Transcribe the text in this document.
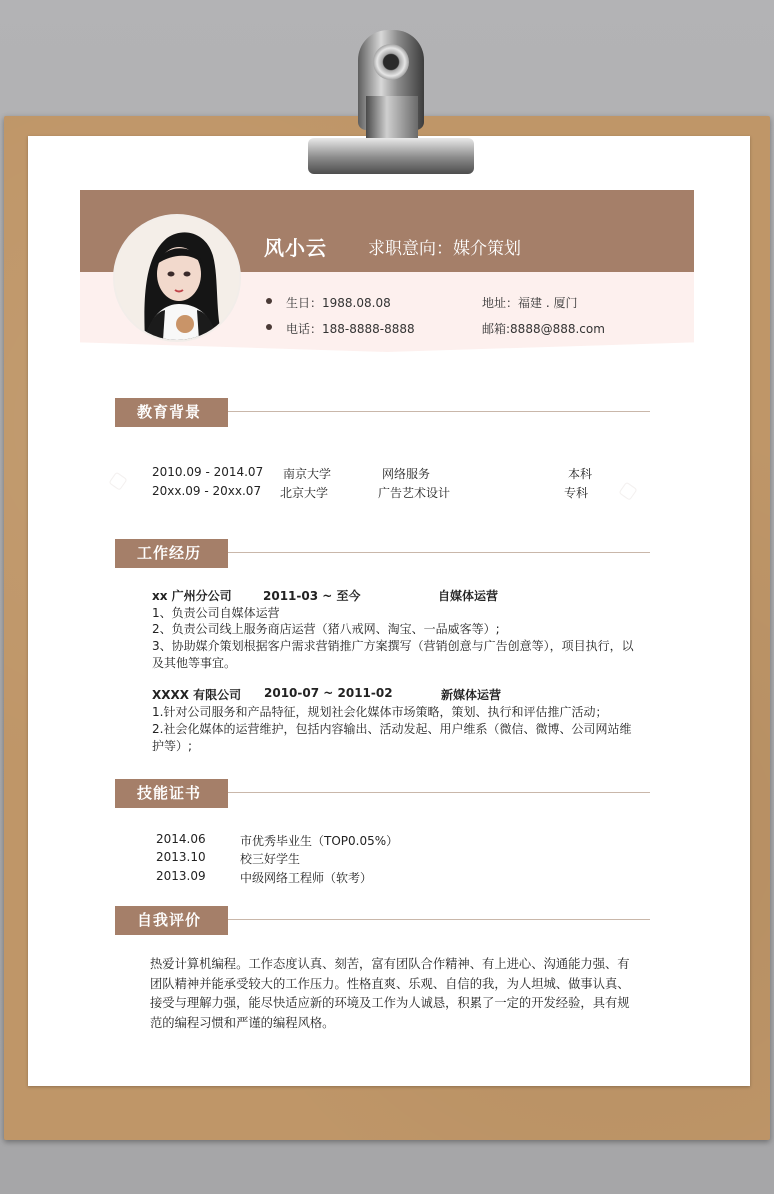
▢	▢
风小云 求职意向：媒介策划
生日：1988.08.08	地址：福建 . 厦门
电话：188-8888-8888	邮箱:8888@888.com
教育背景
2010.09 - 2014.07 南京大学	网络服务	本科
20xx.09 - 20xx.07 北京大学	广告艺术设计	专科
工作经历
xx 广州分公司	2011-03 ~ 至今	自媒体运营
1、负责公司自媒体运营
2、负责公司线上服务商店运营（猪八戒网、淘宝、一品威客等）;
3、协助媒介策划根据客户需求营销推广方案撰写（营销创意与广告创意等），项目执行，以
及其他等事宜。
XXXX 有限公司 2010-07 ~ 2011-02	新媒体运营
1.针对公司服务和产品特征，规划社会化媒体市场策略，策划、执行和评估推广活动；
2.社会化媒体的运营维护，包括内容输出、活动发起、用户维系（微信、微博、公司网站维
护等）;
技能证书
2014.06	市优秀毕业生（TOP0.05%）
2013.10	校三好学生
2013.09	中级网络工程师（软考）
自我评价
热爱计算机编程。工作态度认真、刻苦，富有团队合作精神、有上进心、沟通能力强、有
团队精神并能承受较大的工作压力。性格直爽、乐观、自信的我，为人坦城、做事认真、
接受与理解力强，能尽快适应新的环境及工作为人诚恳，积累了一定的开发经验，具有规
范的编程习惯和严谨的编程风格。
